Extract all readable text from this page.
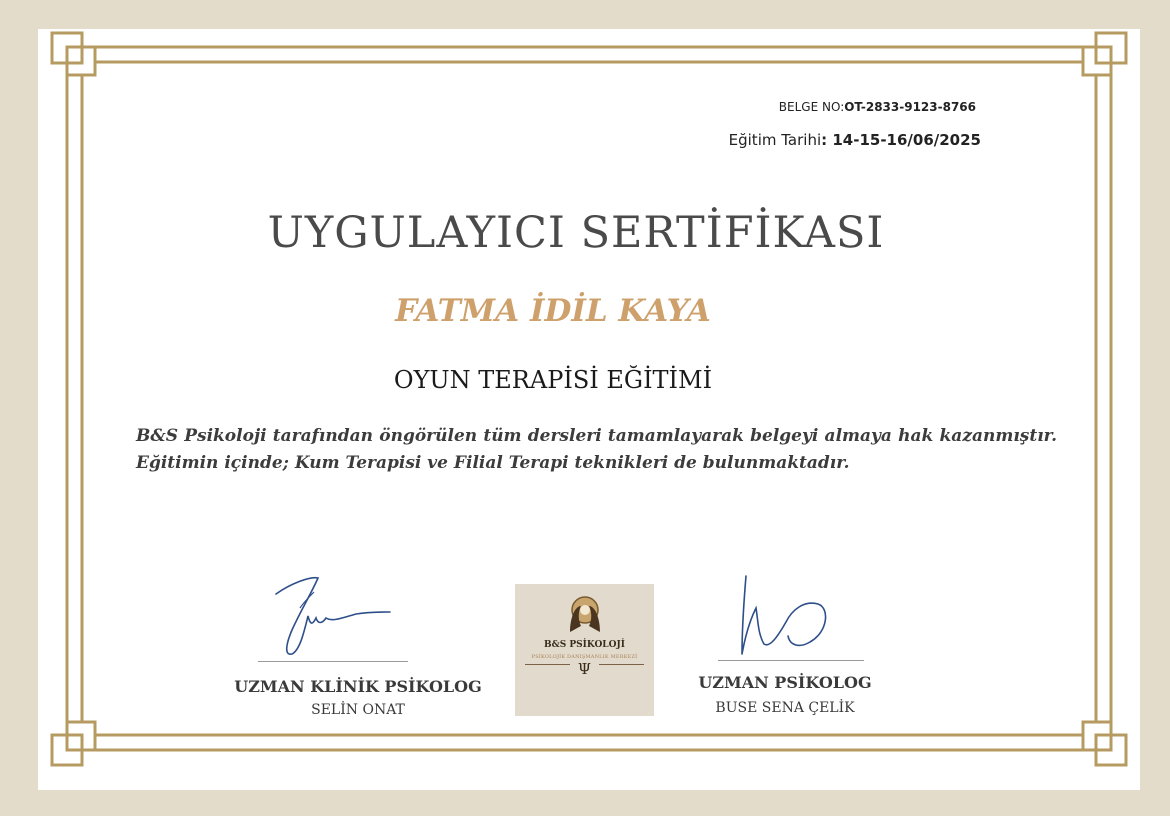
BELGE NO:OT-2833-9123-8766
Eğitim Tarihi: 14-15-16/06/2025
UYGULAYICI SERTİFİKASI
FATMA İDİL KAYA
OYUN TERAPİSİ EĞİTİMİ
B&S Psikoloji tarafından öngörülen tüm dersleri tamamlayarak belgeyi almaya hak kazanmıştır. Eğitimin içinde; Kum Terapisi ve Filial Terapi teknikleri de bulunmaktadır.
UZMAN KLİNİK PSİKOLOG
SELİN ONAT
B&S PSİKOLOJİ
PSİKOLOJİK DANIŞMANLIK MERKEZİ
Ψ
UZMAN PSİKOLOG
BUSE SENA ÇELİK
